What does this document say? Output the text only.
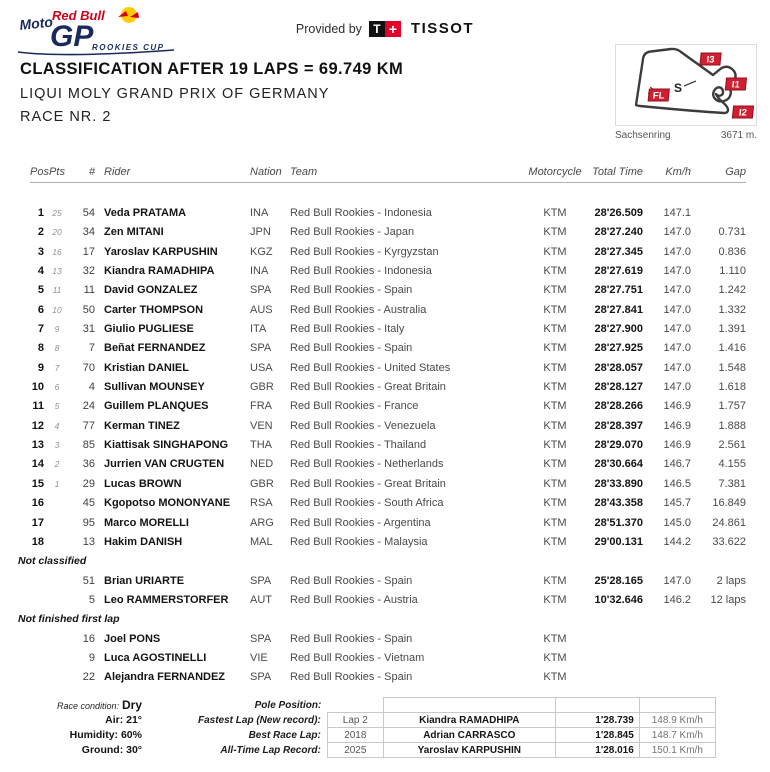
Red Bull
Moto
GP
ROOKIES CUP
Provided by T + TISSOT
S
I3
I1
I2
FL
Sachsenring	3671 m.
CLASSIFICATION AFTER 19 LAPS = 69.749 KM
LIQUI MOLY GRAND PRIX OF GERMANY
RACE NR. 2
Pos Pts	# Rider	Nation Team	Motorcycle Total Time	Km/h	Gap
1 25	54 Veda PRATAMA	INA	Red Bull Rookies - Indonesia	KTM	28'26.509	147.1
2 20	34 Zen MITANI	JPN	Red Bull Rookies - Japan	KTM	28'27.240	147.0	0.731
3 16	17 Yaroslav KARPUSHIN	KGZ	Red Bull Rookies - Kyrgyzstan	KTM	28'27.345	147.0	0.836
4 13	32 Kiandra RAMADHIPA	INA	Red Bull Rookies - Indonesia	KTM	28'27.619	147.0	1.110
5	11	11 David GONZALEZ	SPA	Red Bull Rookies - Spain	KTM	28'27.751	147.0	1.242
6 10	50 Carter THOMPSON	AUS	Red Bull Rookies - Australia	KTM	28'27.841	147.0	1.332
7	9	31 Giulio PUGLIESE	ITA	Red Bull Rookies - Italy	KTM	28'27.900	147.0	1.391
8	8	7 Beñat FERNANDEZ	SPA	Red Bull Rookies - Spain	KTM	28'27.925	147.0	1.416
9	7	70 Kristian DANIEL	USA	Red Bull Rookies - United States	KTM	28'28.057	147.0	1.548
10	6	4 Sullivan MOUNSEY	GBR	Red Bull Rookies - Great Britain	KTM	28'28.127	147.0	1.618
11	5	24 Guillem PLANQUES	FRA	Red Bull Rookies - France	KTM	28'28.266	146.9	1.757
12	4	77 Kerman TINEZ	VEN	Red Bull Rookies - Venezuela	KTM	28'28.397	146.9	1.888
13	3	85 Kiattisak SINGHAPONG	THA	Red Bull Rookies - Thailand	KTM	28'29.070	146.9	2.561
14	2	36 Jurrien VAN CRUGTEN	NED	Red Bull Rookies - Netherlands	KTM	28'30.664	146.7	4.155
15	1	29 Lucas BROWN	GBR	Red Bull Rookies - Great Britain	KTM	28'33.890	146.5	7.381
16	45 Kgopotso MONONYANE	RSA	Red Bull Rookies - South Africa	KTM	28'43.358	145.7	16.849
17	95 Marco MORELLI	ARG	Red Bull Rookies - Argentina	KTM	28'51.370	145.0	24.861
18	13 Hakim DANISH	MAL	Red Bull Rookies - Malaysia	KTM	29'00.131	144.2	33.622
Not classified
51 Brian URIARTE	SPA	Red Bull Rookies - Spain	KTM	25'28.165	147.0	2 laps
5 Leo RAMMERSTORFER	AUT	Red Bull Rookies - Austria	KTM	10'32.646	146.2	12 laps
Not finished first lap
16 Joel PONS	SPA	Red Bull Rookies - Spain	KTM
9 Luca AGOSTINELLI	VIE	Red Bull Rookies - Vietnam	KTM
22 Alejandra FERNANDEZ	SPA	Red Bull Rookies - Spain	KTM
Race condition: Dry
Air: 21°
Humidity: 60%
Ground: 30°
Pole Position:				
Fastest Lap (New record):	Lap 2	Kiandra RAMADHIPA	1'28.739	148.9 Km/h
Best Race Lap:	2018	Adrian CARRASCO	1'28.845	148.7 Km/h
All-Time Lap Record:	2025	Yaroslav KARPUSHIN	1'28.016	150.1 Km/h
